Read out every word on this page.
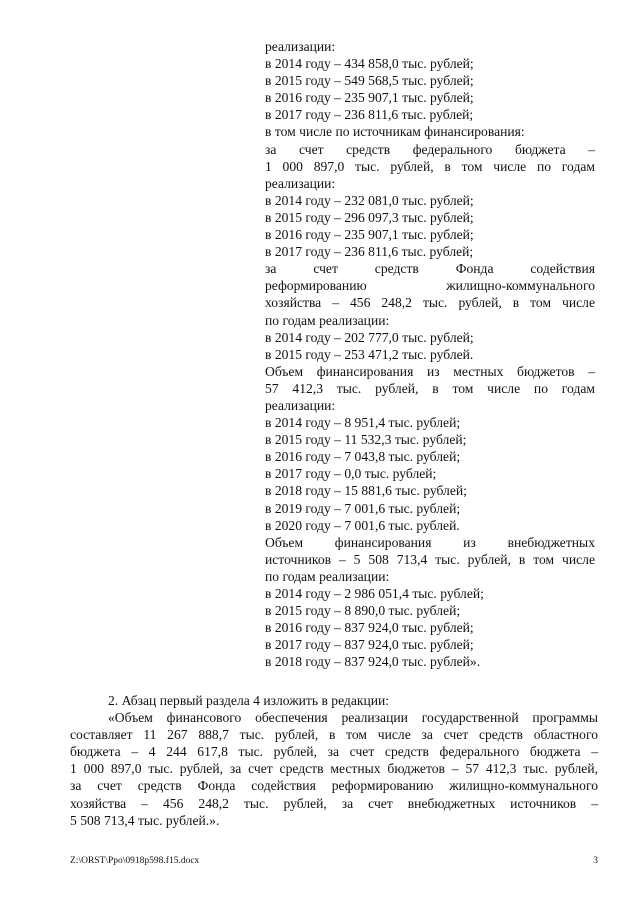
реализации:
в 2014 году – 434 858,0 тыс. рублей;
в 2015 году – 549 568,5 тыс. рублей;
в 2016 году – 235 907,1 тыс. рублей;
в 2017 году – 236 811,6 тыс. рублей;
в том числе по источникам финансирования:
за счет средств федерального бюджета –
1 000 897,0 тыс. рублей, в том числе по годам
реализации:
в 2014 году – 232 081,0 тыс. рублей;
в 2015 году – 296 097,3 тыс. рублей;
в 2016 году – 235 907,1 тыс. рублей;
в 2017 году – 236 811,6 тыс. рублей;
за счет средств Фонда содействия
реформированию жилищно-коммунального
хозяйства – 456 248,2 тыс. рублей, в том числе
по годам реализации:
в 2014 году – 202 777,0 тыс. рублей;
в 2015 году – 253 471,2 тыс. рублей.
Объем финансирования из местных бюджетов –
57 412,3 тыс. рублей, в том числе по годам
реализации:
в 2014 году – 8 951,4 тыс. рублей;
в 2015 году – 11 532,3 тыс. рублей;
в 2016 году – 7 043,8 тыс. рублей;
в 2017 году – 0,0 тыс. рублей;
в 2018 году – 15 881,6 тыс. рублей;
в 2019 году – 7 001,6 тыс. рублей;
в 2020 году – 7 001,6 тыс. рублей.
Объем финансирования из внебюджетных
источников – 5 508 713,4 тыс. рублей, в том числе
по годам реализации:
в 2014 году – 2 986 051,4 тыс. рублей;
в 2015 году – 8 890,0 тыс. рублей;
в 2016 году – 837 924,0 тыс. рублей;
в 2017 году – 837 924,0 тыс. рублей;
в 2018 году – 837 924,0 тыс. рублей».
2. Абзац первый раздела 4 изложить в редакции:
«Объем финансового обеспечения реализации государственной программы
составляет 11 267 888,7 тыс. рублей, в том числе за счет средств областного
бюджета – 4 244 617,8 тыс. рублей, за счет средств федерального бюджета –
1 000 897,0 тыс. рублей, за счет средств местных бюджетов – 57 412,3 тыс. рублей,
за счет средств Фонда содействия реформированию жилищно-коммунального
хозяйства – 456 248,2 тыс. рублей, за счет внебюджетных источников –
5 508 713,4 тыс. рублей.».
Z:\ORST\Ppo\0918p598.f15.docx	3
